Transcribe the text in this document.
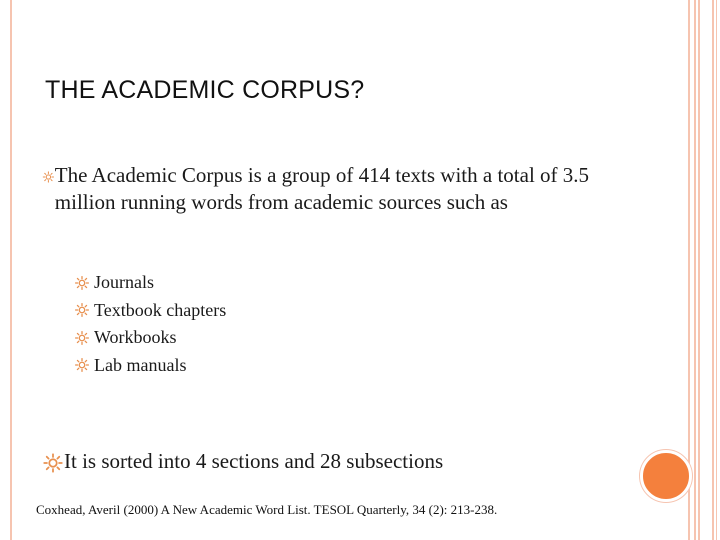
THE ACADEMIC CORPUS?
The Academic Corpus is a group of 414 texts with a total of 3.5 million running words from academic sources such as
Journals
Textbook chapters
Workbooks
Lab manuals
It is sorted into 4 sections and 28 subsections
Coxhead, Averil (2000) A New Academic Word List. TESOL Quarterly, 34 (2): 213-238.
